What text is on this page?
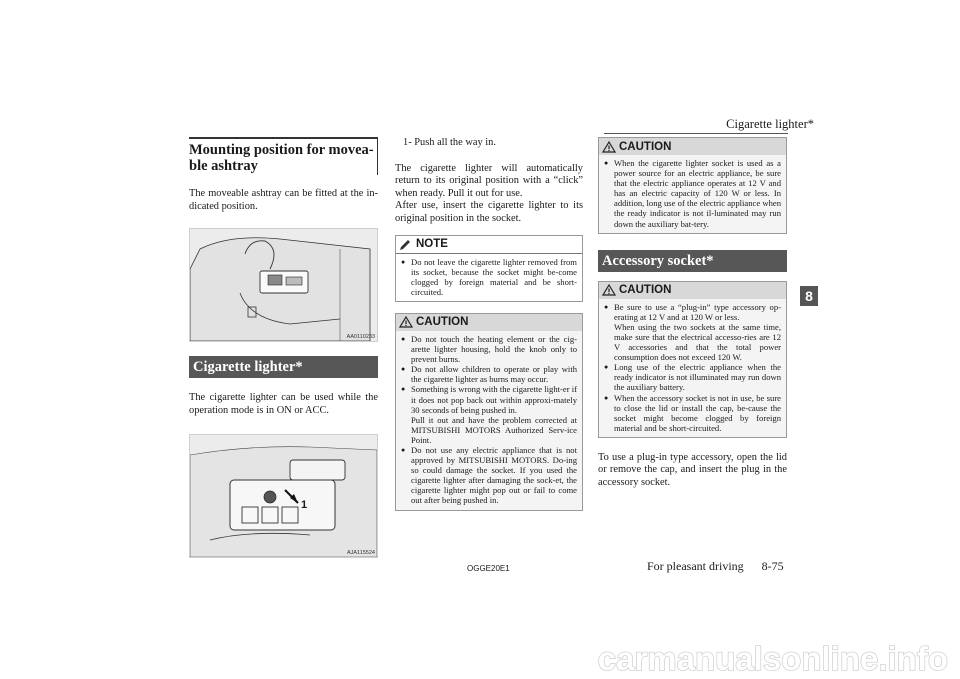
Cigarette lighter*
8
Mounting position for movea-
ble ashtray

The moveable ashtray can be fitted at the in-dicated position.

AA0110233
Cigarette lighter*

The cigarette lighter can be used while the operation mode is in ON or ACC.

1
AJA115524

1- Push all the way in.

The cigarette lighter will automatically return to its original position with a “click” when ready. Pull it out for use.

After use, insert the cigarette lighter to its original position in the socket.

NOTE
● Do not leave the cigarette lighter removed from its socket, because the socket might be-come clogged by foreign material and be short-circuited.
CAUTION
● Do not touch the heating element or the cig-arette lighter housing, hold the knob only to prevent burns.
● Do not allow children to operate or play with the cigarette lighter as burns may occur.
● Something is wrong with the cigarette light-er if it does not pop back out within approxi-mately 30 seconds of being pushed in.
Pull it out and have the problem corrected at MITSUBISHI MOTORS Authorized Serv-ice Point.
● Do not use any electric appliance that is not approved by MITSUBISHI MOTORS. Do-ing so could damage the socket. If you used the cigarette lighter after damaging the sock-et, the cigarette lighter might pop out or fail to come out after being pushed in.
CAUTION
● When the cigarette lighter socket is used as a power source for an electric appliance, be sure that the electric appliance operates at 12 V and has an electric capacity of 120 W or less. In addition, long use of the electric appliance when the ready indicator is not il-luminated may run down the auxiliary bat-tery.
Accessory socket*
CAUTION
● Be sure to use a “plug-in” type accessory op-erating at 12 V and at 120 W or less.
When using the two sockets at the same time, make sure that the electrical accesso-ries are 12 V accessories and that the total power consumption does not exceed 120 W.
● Long use of the electric appliance when the ready indicator is not illuminated may run down the auxiliary battery.
● When the accessory socket is not in use, be sure to close the lid or install the cap, be-cause the socket might become clogged by foreign material and be short-circuited.

To use a plug-in type accessory, open the lid or remove the cap, and insert the plug in the accessory socket.

OGGE20E1	For pleasant driving 8-75
carmanualsonline.info
